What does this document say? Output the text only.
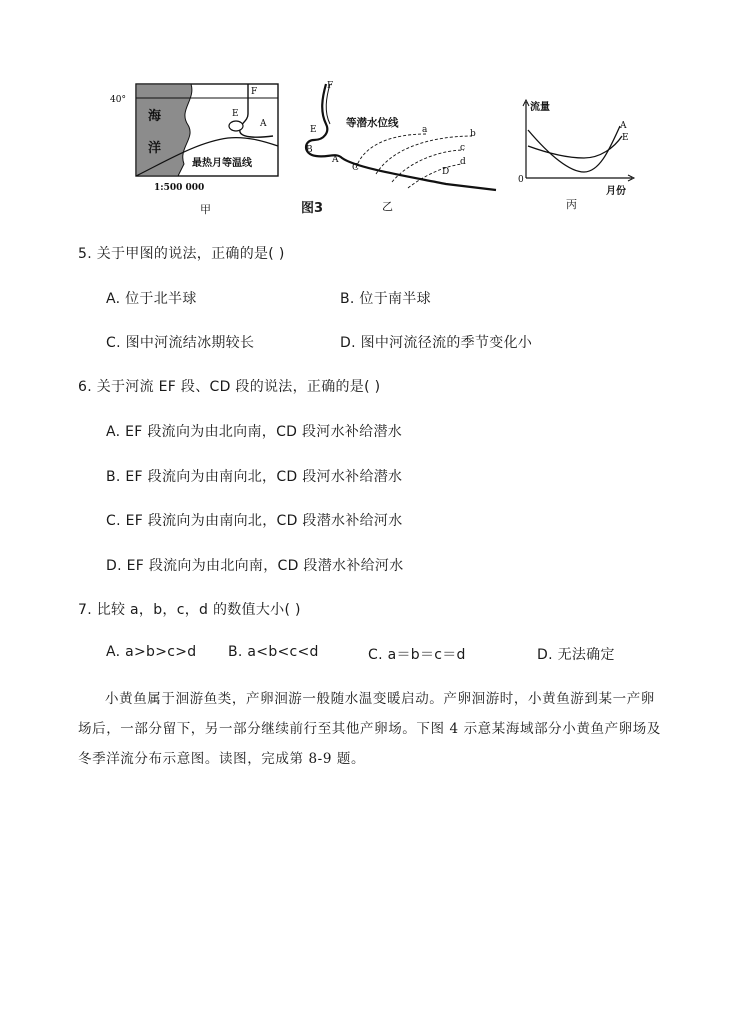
40°
海
洋
F
E
A
最热月等温线
1:500 000
甲
F
等潜水位线
E
B
A
C	D
a	b
c
d
乙
流量
0
月份
A
E
丙
图3
5. 关于甲图的说法，正确的是( )
A. 位于北半球	B. 位于南半球
C. 图中河流结冰期较长	D. 图中河流径流的季节变化小
6. 关于河流 EF 段、CD 段的说法，正确的是( )
A. EF 段流向为由北向南，CD 段河水补给潜水
B. EF 段流向为由南向北，CD 段河水补给潜水
C. EF 段流向为由南向北，CD 段潜水补给河水
D. EF 段流向为由北向南，CD 段潜水补给河水
7. 比较 a，b，c，d 的数值大小( )
A. a>b>c>d B. a<b<c<d	C. a＝b＝c＝d	D. 无法确定

小黄鱼属于洄游鱼类，产卵洄游一般随水温变暖启动。产卵洄游时，小黄鱼游到某一产卵场后，一部分留下，另一部分继续前行至其他产卵场。下图 4 示意某海域部分小黄鱼产卵场及冬季洋流分布示意图。读图，完成第 8-9 题。
